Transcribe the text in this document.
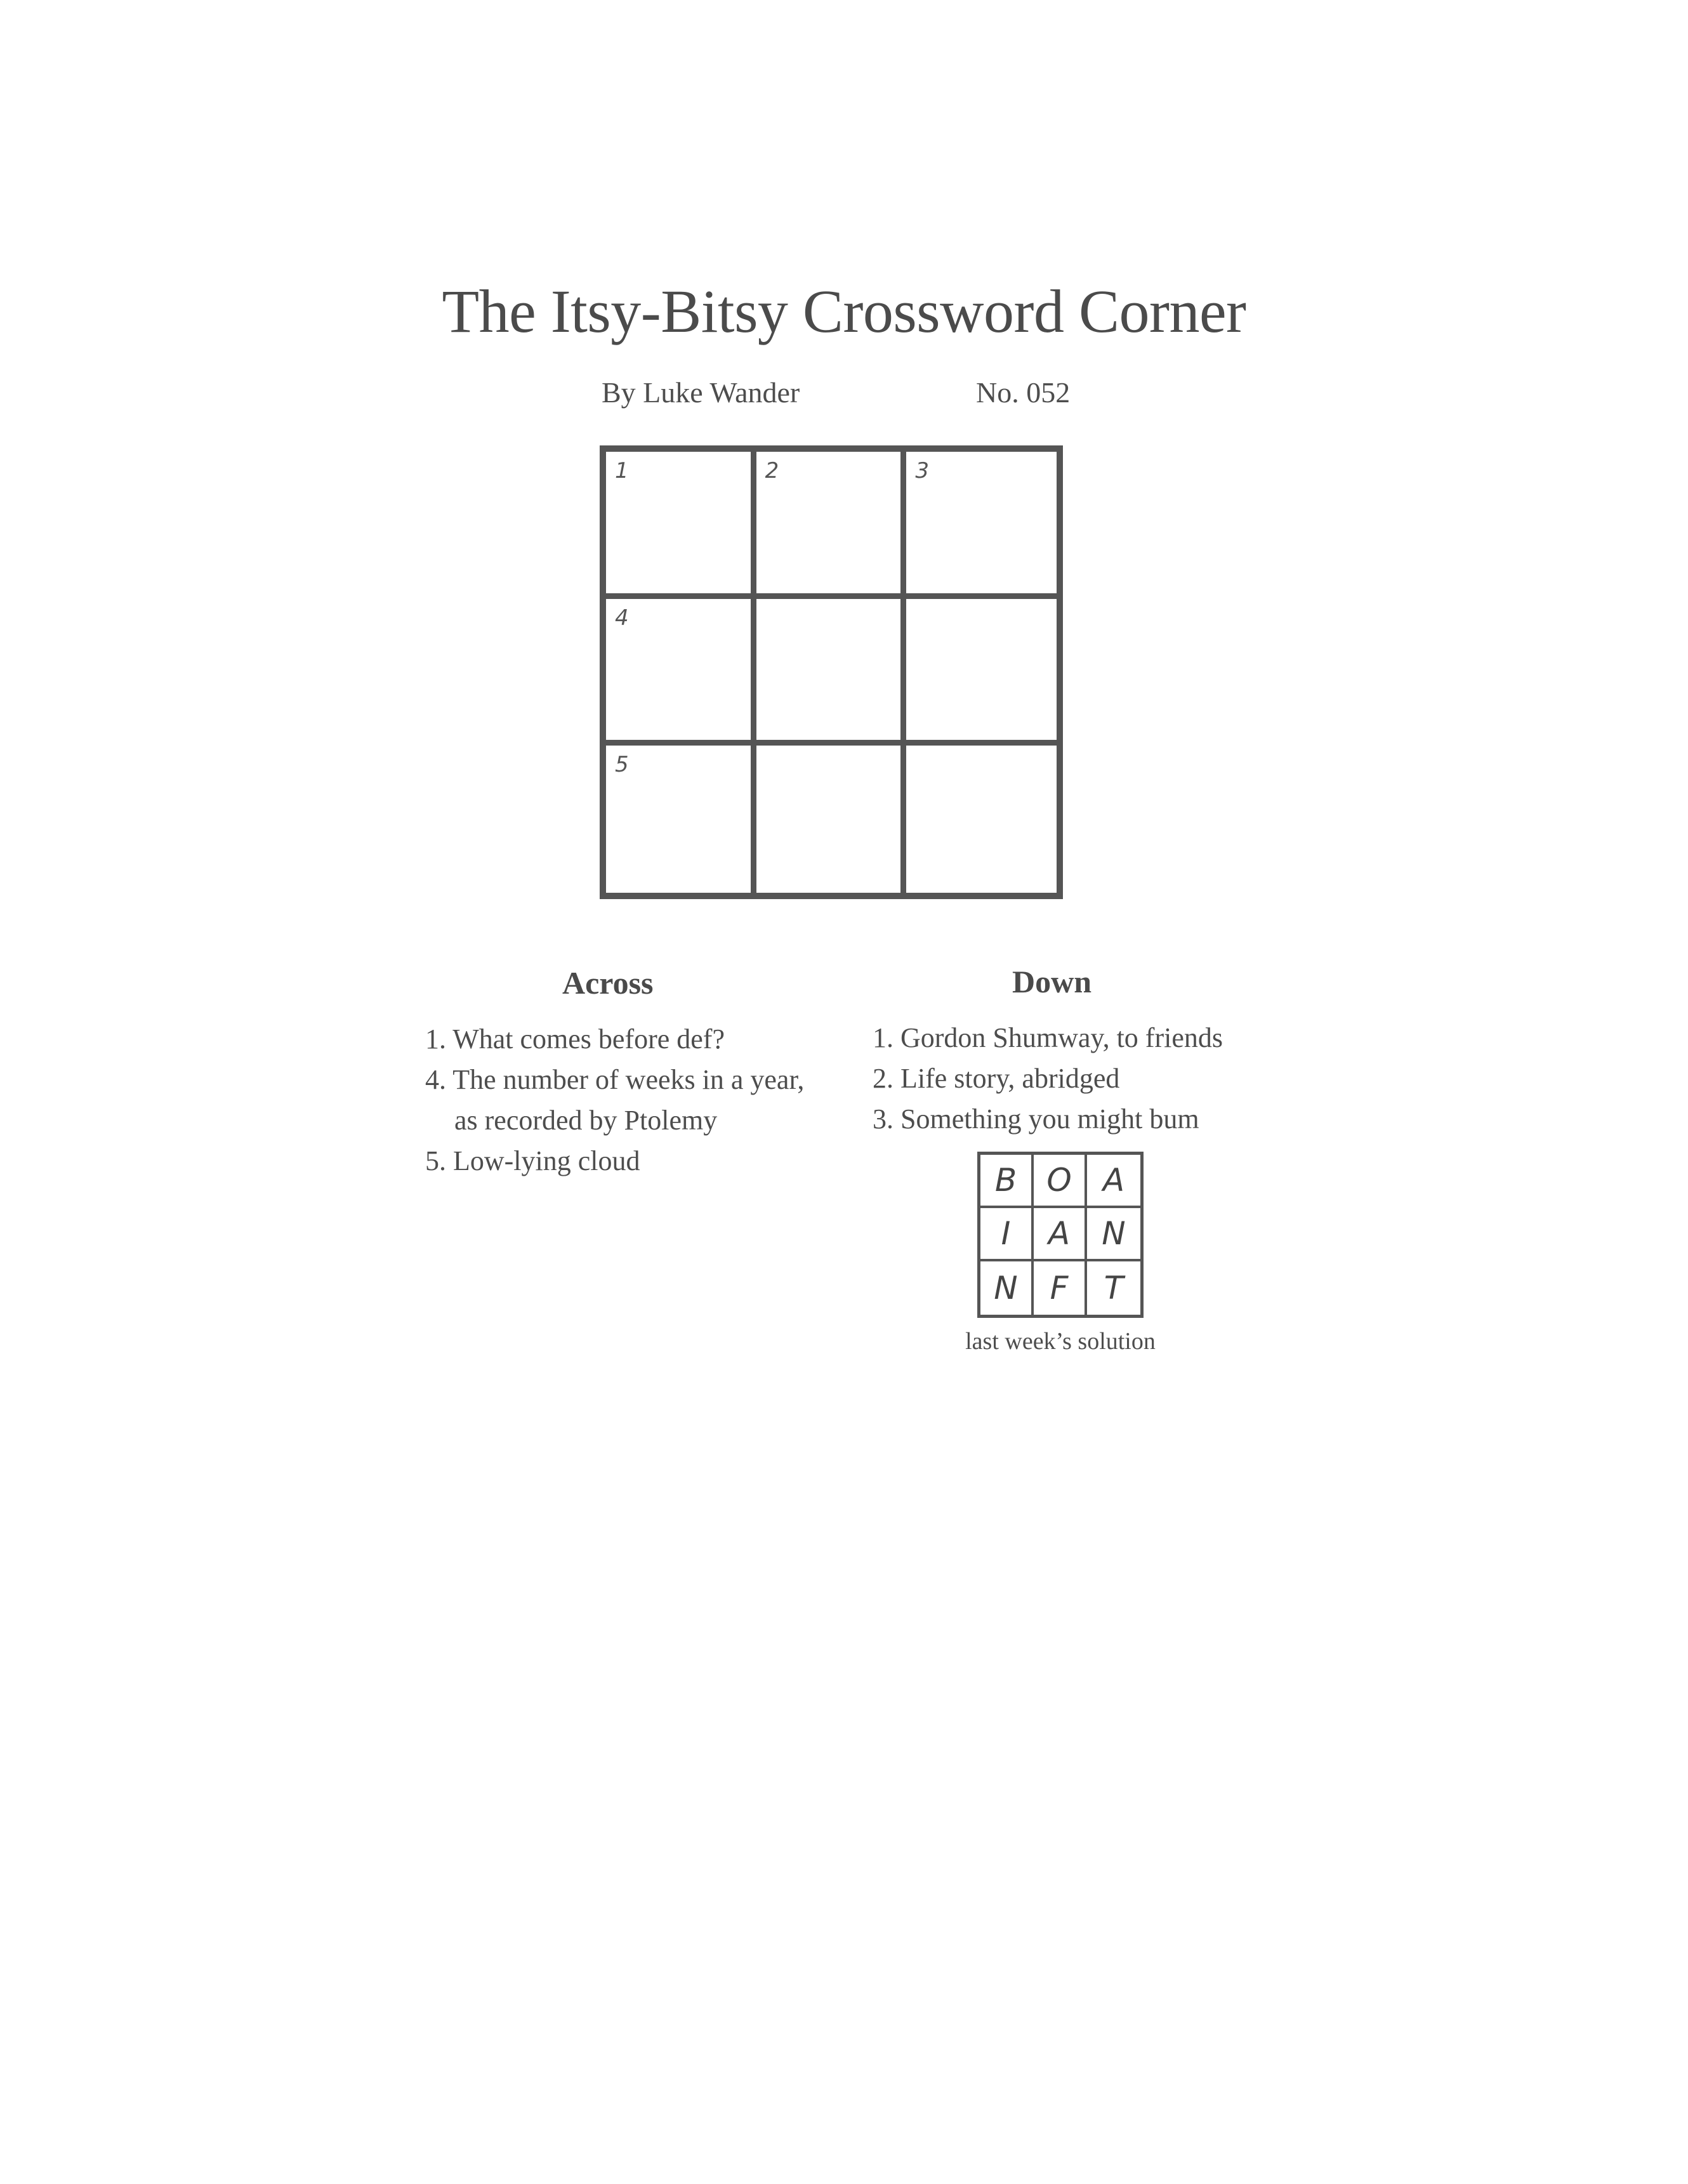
The Itsy-Bitsy Crossword Corner
By Luke Wander	No. 052
1	2	3
4
5
Across	Down
1. What comes before def?
4. The number of weeks in a year,
as recorded by Ptolemy
5. Low-lying cloud
1. Gordon Shumway, to friends
2. Life story, abridged
3. Something you might bum
B O A
I	A	N
N	F	T
last week’s solution
